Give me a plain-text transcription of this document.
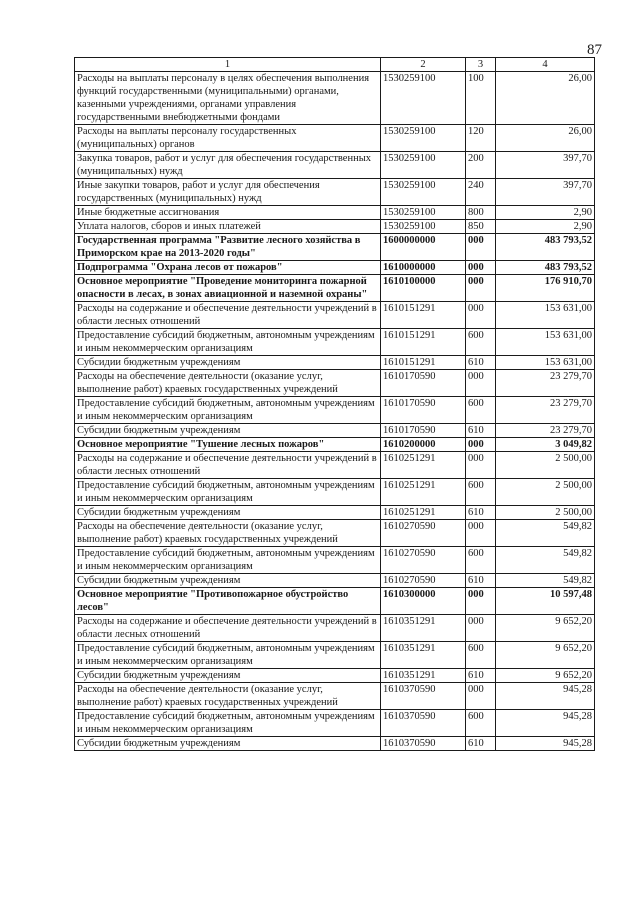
87
1	2	3	4
Расходы на выплаты персоналу в целях обеспечения выполнения функций государственными (муниципальными) органами, казенными учреждениями, органами управления государственными внебюджетными фондами	1530259100	100	26,00
Расходы на выплаты персоналу государственных (муниципальных) органов	1530259100	120	26,00
Закупка товаров, работ и услуг для обеспечения государственных (муниципальных) нужд	1530259100	200	397,70
Иные закупки товаров, работ и услуг для обеспечения государственных (муниципальных) нужд	1530259100	240	397,70
Иные бюджетные ассигнования	1530259100	800	2,90
Уплата налогов, сборов и иных платежей	1530259100	850	2,90
Государственная программа "Развитие лесного хозяйства в Приморском крае на 2013-2020 годы"	1600000000	000	483 793,52
Подпрограмма "Охрана лесов от пожаров"	1610000000	000	483 793,52
Основное мероприятие "Проведение мониторинга пожарной опасности в лесах, в зонах авиационной и наземной охраны"	1610100000	000	176 910,70
Расходы на содержание и обеспечение деятельности учреждений в области лесных отношений	1610151291	000	153 631,00
Предоставление субсидий бюджетным, автономным учреждениям и иным некоммерческим организациям	1610151291	600	153 631,00
Субсидии бюджетным учреждениям	1610151291	610	153 631,00
Расходы на обеспечение деятельности (оказание услуг, выполнение работ) краевых государственных учреждений	1610170590	000	23 279,70
Предоставление субсидий бюджетным, автономным учреждениям и иным некоммерческим организациям	1610170590	600	23 279,70
Субсидии бюджетным учреждениям	1610170590	610	23 279,70
Основное мероприятие "Тушение лесных пожаров"	1610200000	000	3 049,82
Расходы на содержание и обеспечение деятельности учреждений в области лесных отношений	1610251291	000	2 500,00
Предоставление субсидий бюджетным, автономным учреждениям и иным некоммерческим организациям	1610251291	600	2 500,00
Субсидии бюджетным учреждениям	1610251291	610	2 500,00
Расходы на обеспечение деятельности (оказание услуг, выполнение работ) краевых государственных учреждений	1610270590	000	549,82
Предоставление субсидий бюджетным, автономным учреждениям и иным некоммерческим организациям	1610270590	600	549,82
Субсидии бюджетным учреждениям	1610270590	610	549,82
Основное мероприятие "Противопожарное обустройство лесов"	1610300000	000	10 597,48
Расходы на содержание и обеспечение деятельности учреждений в области лесных отношений	1610351291	000	9 652,20
Предоставление субсидий бюджетным, автономным учреждениям и иным некоммерческим организациям	1610351291	600	9 652,20
Субсидии бюджетным учреждениям	1610351291	610	9 652,20
Расходы на обеспечение деятельности (оказание услуг, выполнение работ) краевых государственных учреждений	1610370590	000	945,28
Предоставление субсидий бюджетным, автономным учреждениям и иным некоммерческим организациям	1610370590	600	945,28
Субсидии бюджетным учреждениям	1610370590	610	945,28
